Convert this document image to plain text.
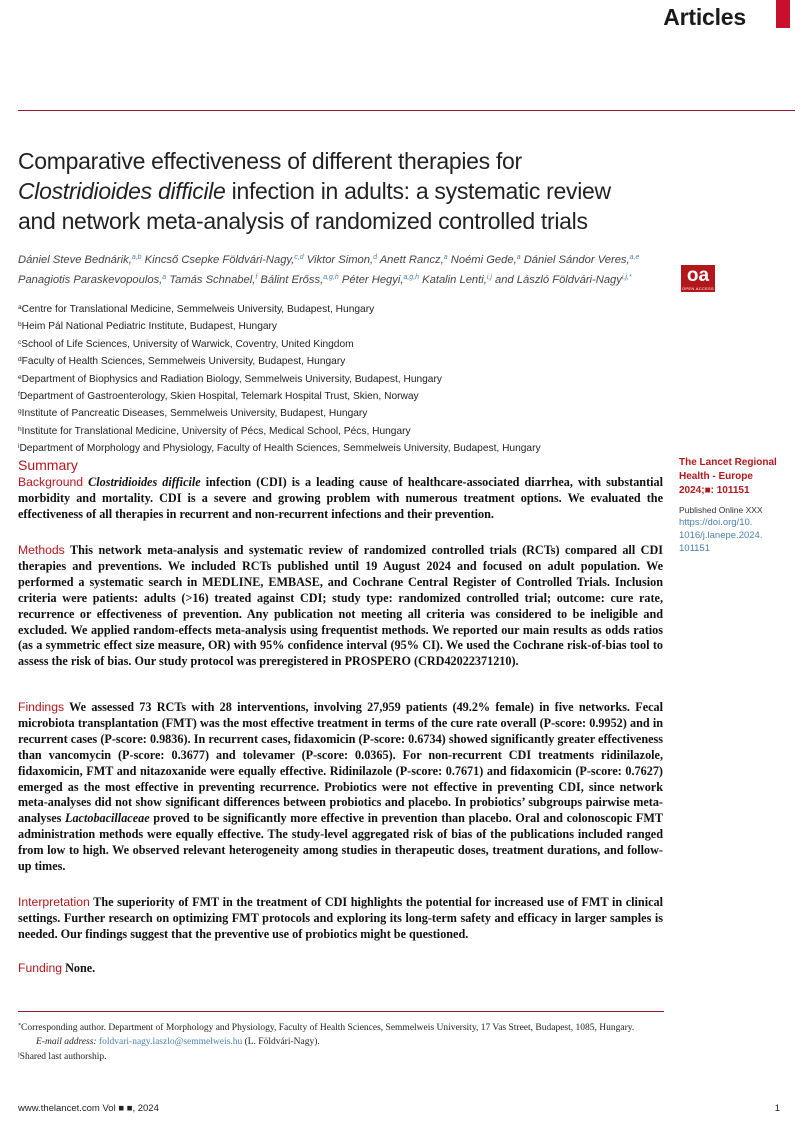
Articles
Comparative effectiveness of different therapies for
Clostridioides difficile infection in adults: a systematic review
and network meta-analysis of randomized controlled trials
Dániel Steve Bednárik,$^{a,b}$ Kincső Csepke Földvári-Nagy,$^{c,d}$ Viktor Simon,$^d$ Anett Rancz,$^a$ Noémi Gede,$^a$ Dániel Sándor Veres,$^{a,e}$
Panagiotis Paraskevopoulos,$^a$ Tamás Schnabel,$^f$ Bálint Erőss,$^{a,g,h}$ Péter Hegyi,$^{a,g,h}$ Katalin Lenti,$^{i,j}$ and László Földvári-Nagy$^{i,j,*}$	oa
OPEN ACCESS
$^a$Centre for Translational Medicine, Semmelweis University, Budapest, Hungary
$^b$Heim Pál National Pediatric Institute, Budapest, Hungary
$^c$School of Life Sciences, University of Warwick, Coventry, United Kingdom
$^d$Faculty of Health Sciences, Semmelweis University, Budapest, Hungary
$^e$Department of Biophysics and Radiation Biology, Semmelweis University, Budapest, Hungary
$^f$Department of Gastroenterology, Skien Hospital, Telemark Hospital Trust, Skien, Norway
$^g$Institute of Pancreatic Diseases, Semmelweis University, Budapest, Hungary
$^h$Institute for Translational Medicine, University of Pécs, Medical School, Pécs, Hungary
$^i$Department of Morphology and Physiology, Faculty of Health Sciences, Semmelweis University, Budapest, Hungary
Summary
Background Clostridioides difficile infection (CDI) is a leading cause of healthcare-associated diarrhea, with substantial morbidity and mortality. CDI is a severe and growing problem with numerous treatment options. We evaluated the effectiveness of all therapies in recurrent and non-recurrent infections and their prevention.
Methods This network meta-analysis and systematic review of randomized controlled trials (RCTs) compared all CDI therapies and preventions. We included RCTs published until 19 August 2024 and focused on adult population. We performed a systematic search in MEDLINE, EMBASE, and Cochrane Central Register of Controlled Trials. Inclusion criteria were patients: adults (>16) treated against CDI; study type: randomized controlled trial; outcome: cure rate, recurrence or effectiveness of prevention. Any publication not meeting all criteria was considered to be ineligible and excluded. We applied random-effects meta-analysis using frequentist methods. We reported our main results as odds ratios (as a symmetric effect size measure, OR) with 95% confidence interval (95% CI). We used the Cochrane risk-of-bias tool to assess the risk of bias. Our study protocol was preregistered in PROSPERO (CRD42022371210).
Findings We assessed 73 RCTs with 28 interventions, involving 27,959 patients (49.2% female) in five networks. Fecal microbiota transplantation (FMT) was the most effective treatment in terms of the cure rate overall (P-score: 0.9952) and in recurrent cases (P-score: 0.9836). In recurrent cases, fidaxomicin (P-score: 0.6734) showed significantly greater effectiveness than vancomycin (P-score: 0.3677) and tolevamer (P-score: 0.0365). For non-recurrent CDI treatments ridinilazole, fidaxomicin, FMT and nitazoxanide were equally effective. Ridinilazole (P-score: 0.7671) and fidaxomicin (P-score: 0.7627) emerged as the most effective in preventing recurrence. Probiotics were not effective in preventing CDI, since network meta-analyses did not show significant differences between probiotics and placebo. In probiotics’ subgroups pairwise meta-analyses Lactobacillaceae proved to be significantly more effective in prevention than placebo. Oral and colonoscopic FMT administration methods were equally effective. The study-level aggregated risk of bias of the publications included ranged from low to high. We observed relevant heterogeneity among studies in therapeutic doses, treatment durations, and follow-up times.
Interpretation The superiority of FMT in the treatment of CDI highlights the potential for increased use of FMT in clinical settings. Further research on optimizing FMT protocols and exploring its long-term safety and efficacy in larger samples is needed. Our findings suggest that the preventive use of probiotics might be questioned.
Funding None.
The Lancet Regional
Health - Europe
2024;■: 101151
Published Online XXX
https://doi.org/10.
1016/j.lanepe.2024.
101151
*Corresponding author. Department of Morphology and Physiology, Faculty of Health Sciences, Semmelweis University, 17 Vas Street, Budapest, 1085, Hungary.
E-mail address: foldvari-nagy.laszlo@semmelweis.hu (L. Földvári-Nagy).
$^j$Shared last authorship.
www.thelancet.com Vol ■ ■, 2024	1
